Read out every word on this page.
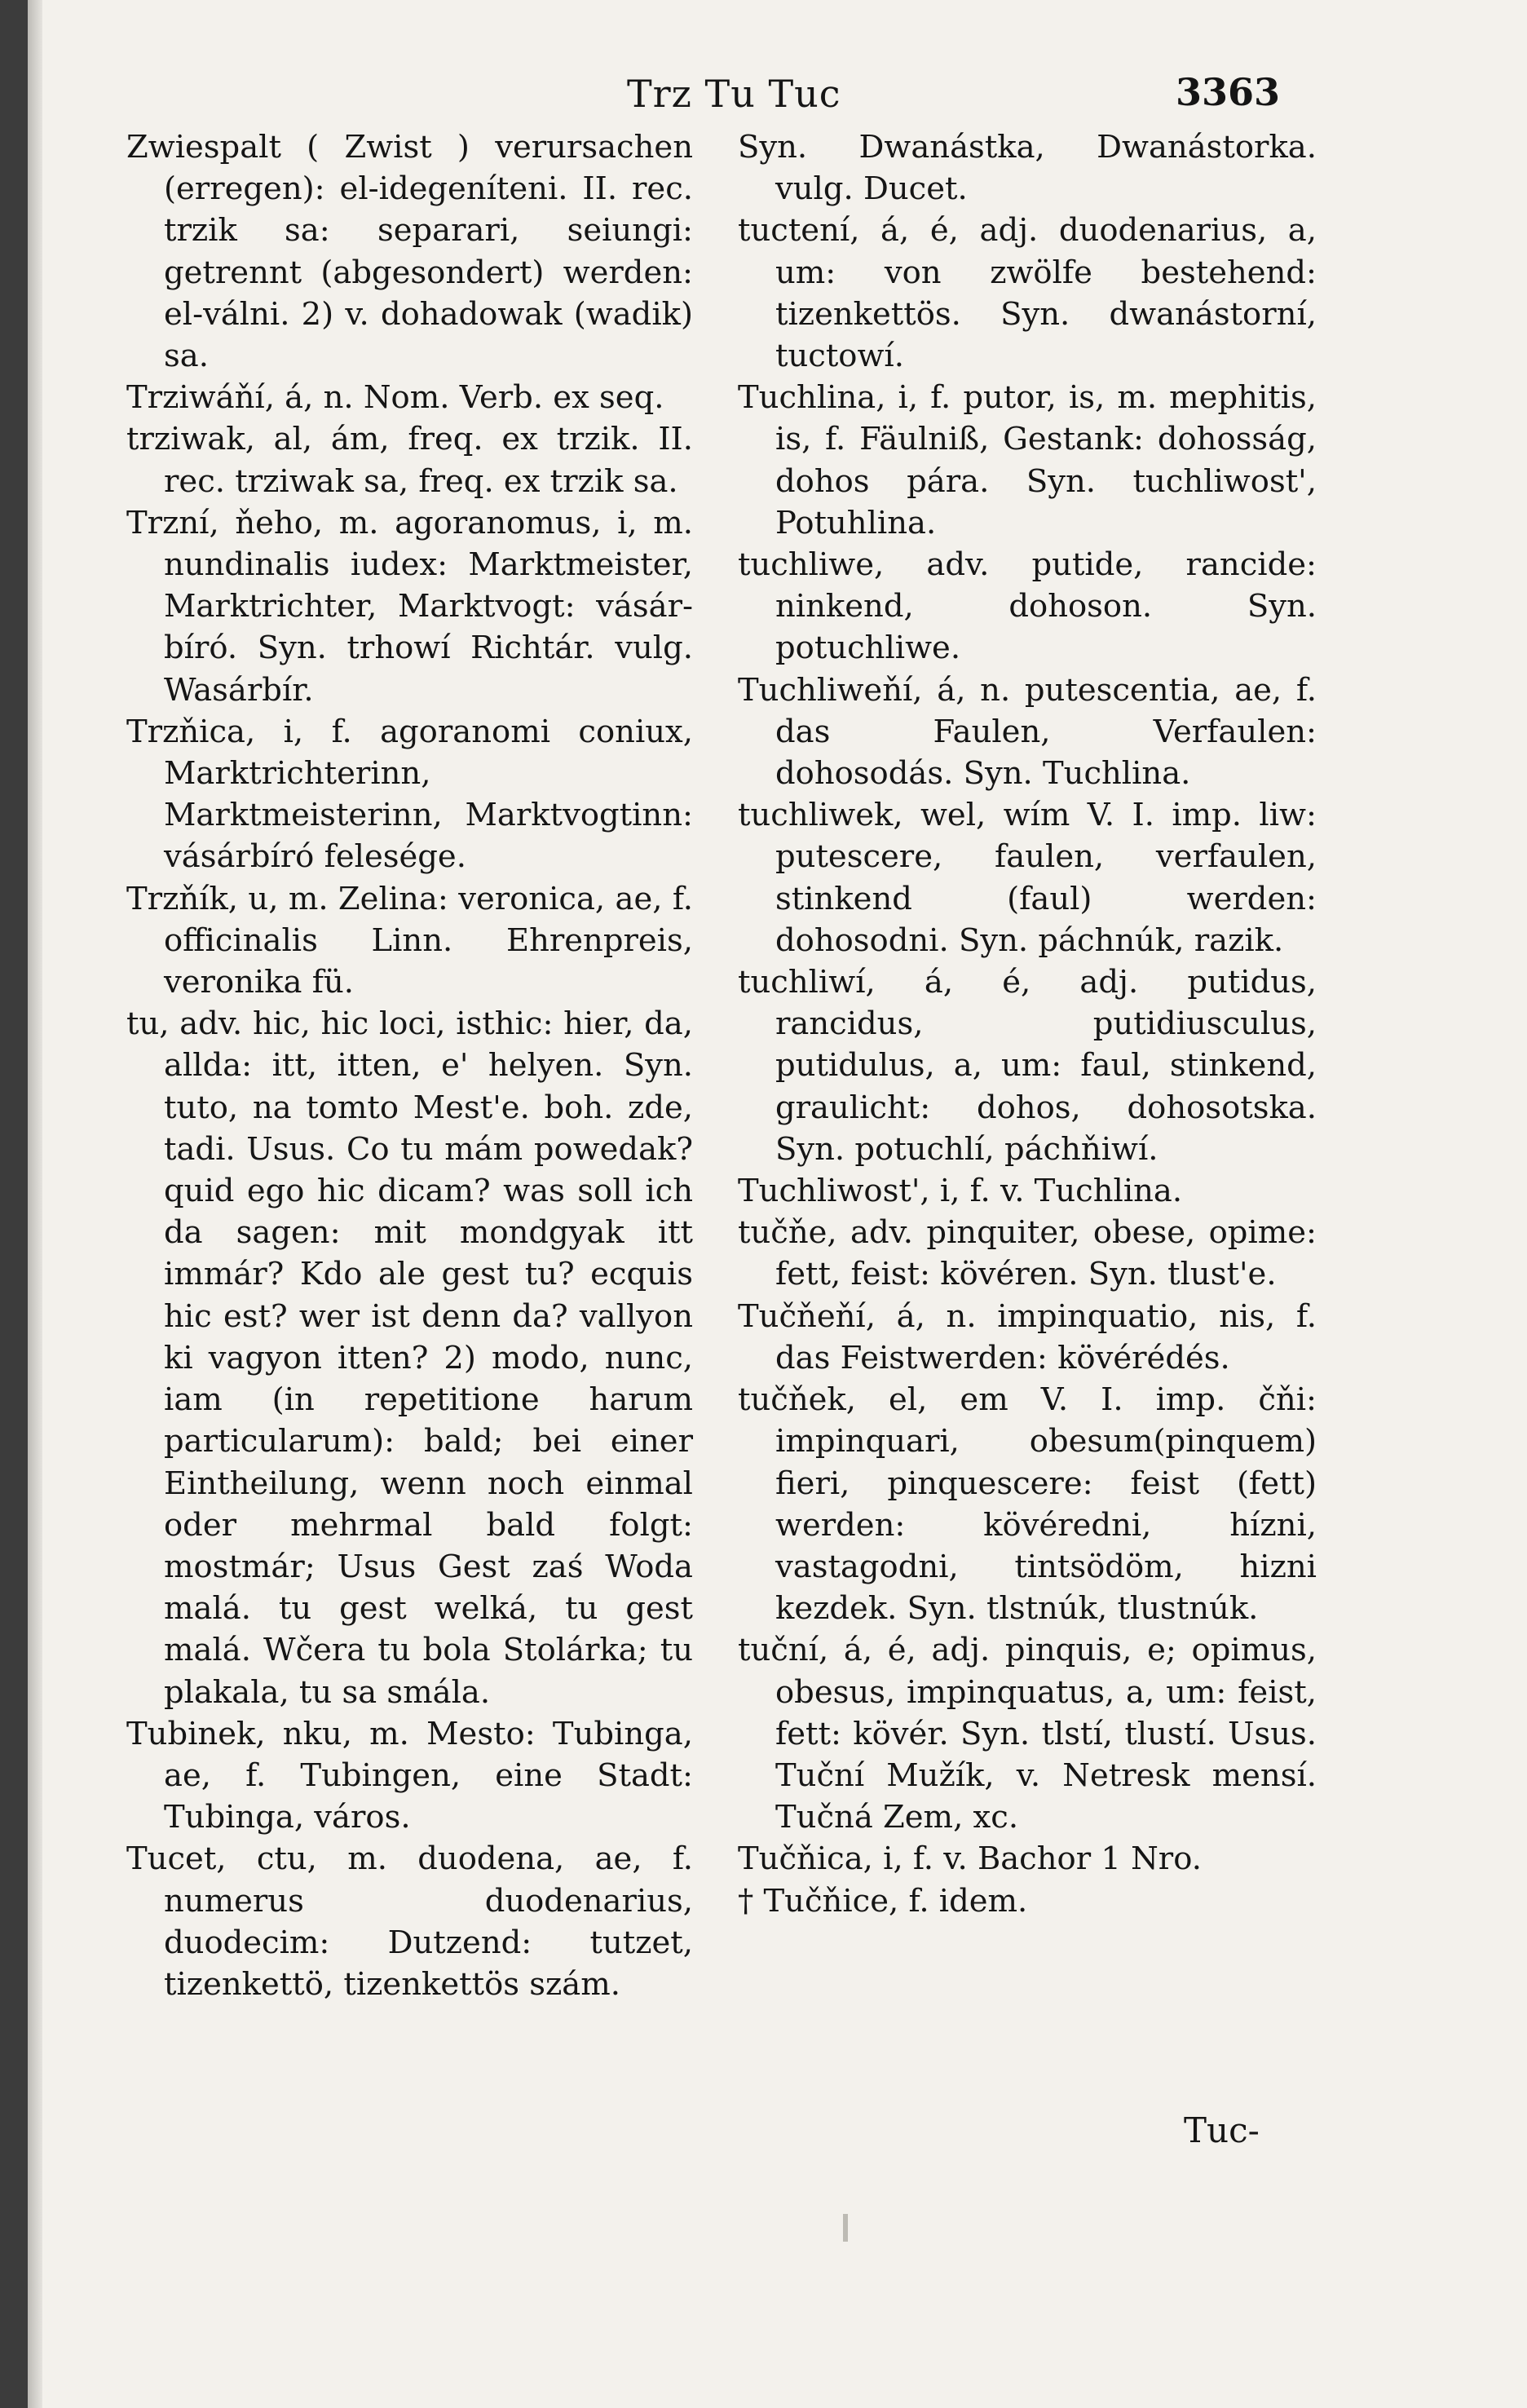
Trz Tu Tuc	3363

Zwiespalt ( Zwist ) verursachen (erregen): el-idegeníteni. II. rec. trzik sa: separari, seiungi: getrennt (abgesondert) werden: el-válni. 2) v. dohadowak (wadik) sa.

Trziwáňí, á, n. Nom. Verb. ex seq.

trziwak, al, ám, freq. ex trzik. II. rec. trziwak sa, freq. ex trzik sa.

Trzní, ňeho, m. agoranomus, i, m. nundinalis iudex: Marktmeister, Marktrichter, Marktvogt: vásár-bíró. Syn. trhowí Richtár. vulg. Wasárbír.

Trzňica, i, f. agoranomi coniux, Marktrichterinn, Marktmeisterinn, Marktvogtinn: vásárbíró felesége.

Trzňík, u, m. Zelina: veronica, ae, f. officinalis Linn. Ehrenpreis, veronika fü.

tu, adv. hic, hic loci, isthic: hier, da, allda: itt, itten, e' helyen. Syn. tuto, na tomto Mest'e. boh. zde, tadi. Usus. Co tu mám powedak? quid ego hic dicam? was soll ich da sagen: mit mondgyak itt immár? Kdo ale gest tu? ecquis hic est? wer ist denn da? vallyon ki vagyon itten? 2) modo, nunc, iam (in repetitione harum particularum): bald; bei einer Eintheilung, wenn noch einmal oder mehrmal bald folgt: mostmár; Usus Gest zaś Woda malá. tu gest welká, tu gest malá. Wčera tu bola Stolárka; tu plakala, tu sa smála.

Tubinek, nku, m. Mesto: Tubinga, ae, f. Tubingen, eine Stadt: Tubinga, város.

Tucet, ctu, m. duodena, ae, f. numerus duodenarius, duodecim: Dutzend: tutzet, tizenkettö, tizenkettös szám.

Syn. Dwanástka, Dwanástorka. vulg. Ducet.

tuctení, á, é, adj. duodenarius, a, um: von zwölfe bestehend: tizenkettös. Syn. dwanástorní, tuctowí.

Tuchlina, i, f. putor, is, m. mephitis, is, f. Fäulniß, Gestank: dohosság, dohos pára. Syn. tuchliwost', Potuhlina.

tuchliwe, adv. putide, rancide: ninkend, dohoson. Syn. potuchliwe.

Tuchliweňí, á, n. putescentia, ae, f. das Faulen, Verfaulen: dohosodás. Syn. Tuchlina.

tuchliwek, wel, wím V. I. imp. liw: putescere, faulen, verfaulen, stinkend (faul) werden: dohosodni. Syn. páchnúk, razik.

tuchliwí, á, é, adj. putidus, rancidus, putidiusculus, putidulus, a, um: faul, stinkend, graulicht: dohos, dohosotska. Syn. potuchlí, páchňiwí.

Tuchliwost', i, f. v. Tuchlina.

tučňe, adv. pinquiter, obese, opime: fett, feist: kövéren. Syn. tlust'e.

Tučňeňí, á, n. impinquatio, nis, f. das Feistwerden: kövérédés.

tučňek, el, em V. I. imp. čňi: impinquari, obesum(pinquem) fieri, pinquescere: feist (fett) werden: kövéredni, hízni, vastagodni, tintsödöm, hizni kezdek. Syn. tlstnúk, tlustnúk.

tuční, á, é, adj. pinquis, e; opimus, obesus, impinquatus, a, um: feist, fett: kövér. Syn. tlstí, tlustí. Usus. Tuční Mužík, v. Netresk mensí. Tučná Zem, xc.

Tučňica, i, f. v. Bachor 1 Nro.

† Tučňice, f. idem.

Tuc-
